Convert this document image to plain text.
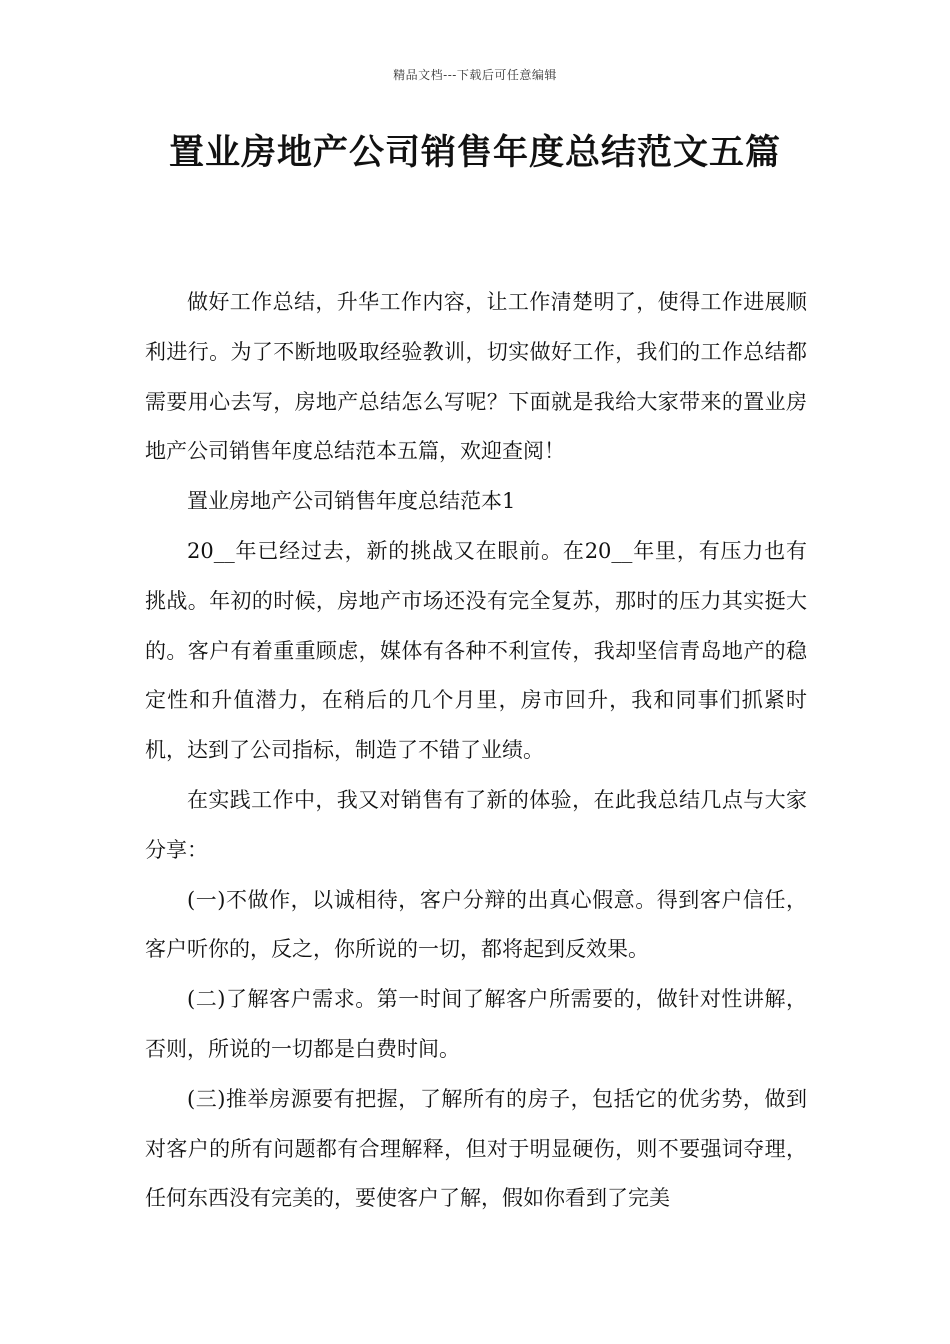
精品文档---下载后可任意编辑
置业房地产公司销售年度总结范文五篇

做好工作总结，升华工作内容，让工作清楚明了，使得工作进展顺利进行。为了不断地吸取经验教训，切实做好工作，我们的工作总结都需要用心去写，房地产总结怎么写呢？下面就是我给大家带来的置业房地产公司销售年度总结范本五篇，欢迎查阅！

置业房地产公司销售年度总结范本1

20__年已经过去，新的挑战又在眼前。在20__年里，有压力也有挑战。年初的时候，房地产市场还没有完全复苏，那时的压力其实挺大的。客户有着重重顾虑，媒体有各种不利宣传，我却坚信青岛地产的稳定性和升值潜力，在稍后的几个月里，房市回升，我和同事们抓紧时机，达到了公司指标，制造了不错了业绩。

在实践工作中，我又对销售有了新的体验，在此我总结几点与大家分享：

(一)不做作，以诚相待，客户分辩的出真心假意。得到客户信任，客户听你的，反之，你所说的一切，都将起到反效果。

(二)了解客户需求。第一时间了解客户所需要的，做针对性讲解，否则，所说的一切都是白费时间。

(三)推举房源要有把握，了解所有的房子，包括它的优劣势，做到对客户的所有问题都有合理解释，但对于明显硬伤，则不要强词夺理，任何东西没有完美的，要使客户了解，假如你看到了完美
